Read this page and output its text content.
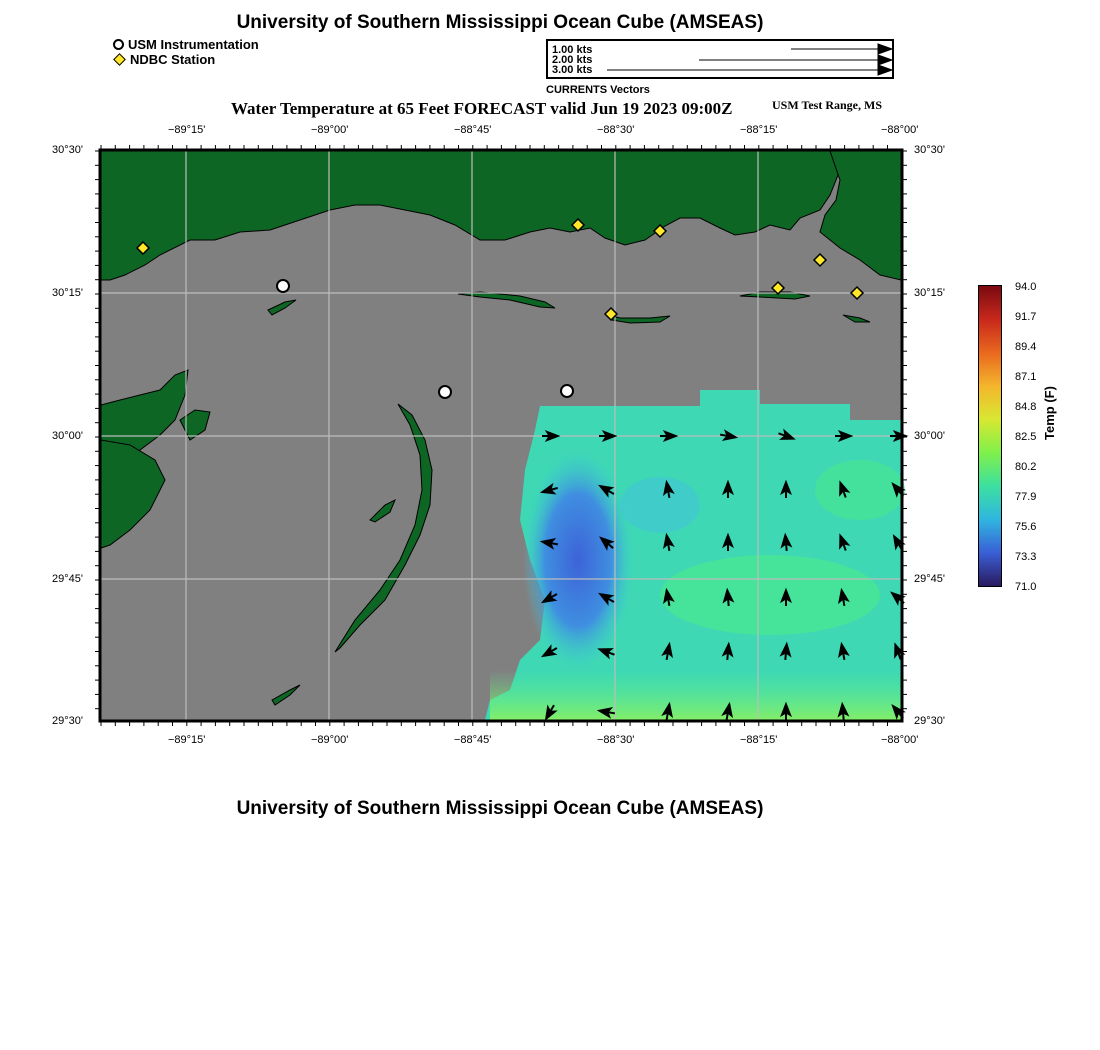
University of Southern Mississippi Ocean Cube (AMSEAS)
USM Instrumentation
NDBC Station
1.00 kts
2.00 kts
3.00 kts
CURRENTS Vectors
Water Temperature at 65 Feet FORECAST valid Jun 19 2023 09:00Z	USM Test Range, MS
−89°15'	−89°00'	−88°45'	−88°30'	−88°15'	−88°00'
−89°15'	−89°00'	−88°45'	−88°30'	−88°15'	−88°00'
30°30'
30°15'
30°00'
29°45'
29°30'
30°30'
30°15'
30°00'
29°45'
29°30'
94.0
91.7
89.4
87.1
84.8
82.5
80.2
77.9
75.6
73.3
71.0
Temp (F)
University of Southern Mississippi Ocean Cube (AMSEAS)
